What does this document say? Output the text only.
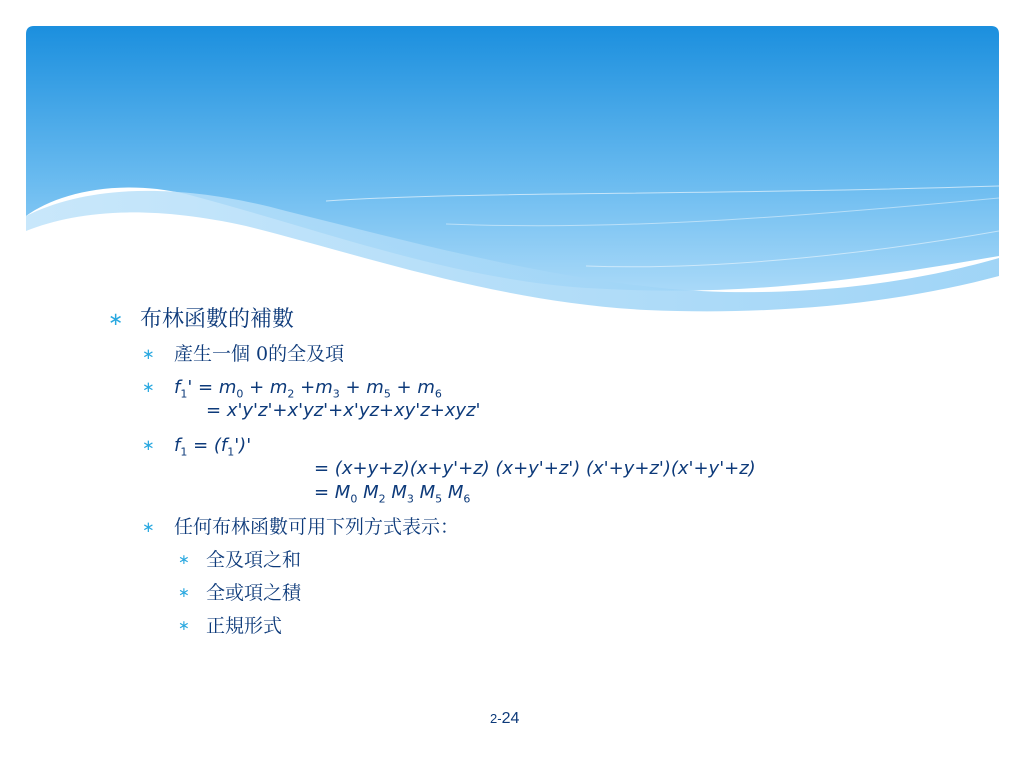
∗ 布林函數的補數
∗ 產生一個 0的全及項
∗ $f_1' = m_0 + m_2 +m_3 + m_5 + m_6$
= x'y'z'+x'yz'+x'yz+xy'z+xyz'
∗ $f_1 = (f_1')'$
= (x+y+z)(x+y'+z) (x+y'+z') (x'+y+z')(x'+y'+z)
= $M_0$ $M_2$ $M_3$ $M_5$ $M_6$
∗ 任何布林函數可用下列方式表示：
∗ 全及項之和
∗ 全或項之積
∗ 正規形式
2-24
